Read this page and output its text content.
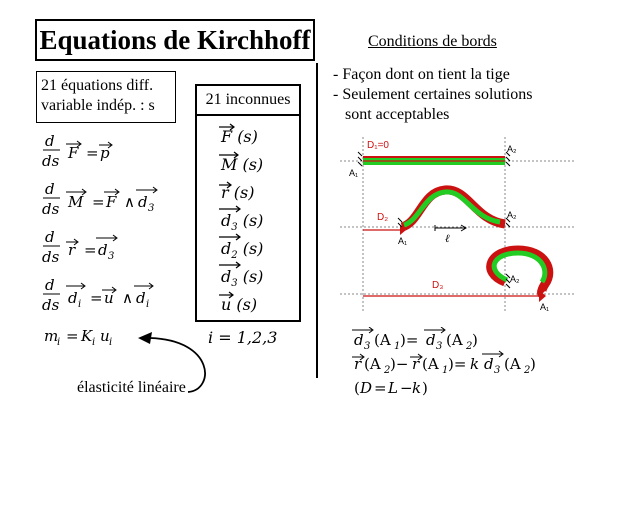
Equations de Kirchhoff
21 équations diff.
variable indép. : s	21 inconnues
F (s)
M (s)
r (s)
$d_3$ (s)
$d_2$ (s)
$d_3$ (s)
u (s)
i = 1,2,3
d
ds F = p
d
ds M = F ∧ d 3
d
ds r = d 3
d
ds d i = u ∧ d i
m
i = K i u i
élasticité linéaire
Conditions de bords
- Façon dont on tient la tige
- Seulement certaines solutions
sont acceptables
D₁=0
A₁
A₂
D₂
A₁
A₂
ℓ
D₃
A₂
A₁
d 3 (A 1 )= d 3 (A 2 )
r (A 2 )− r (A 1 )= k d 3 (A 2 )
( D = L − k )
